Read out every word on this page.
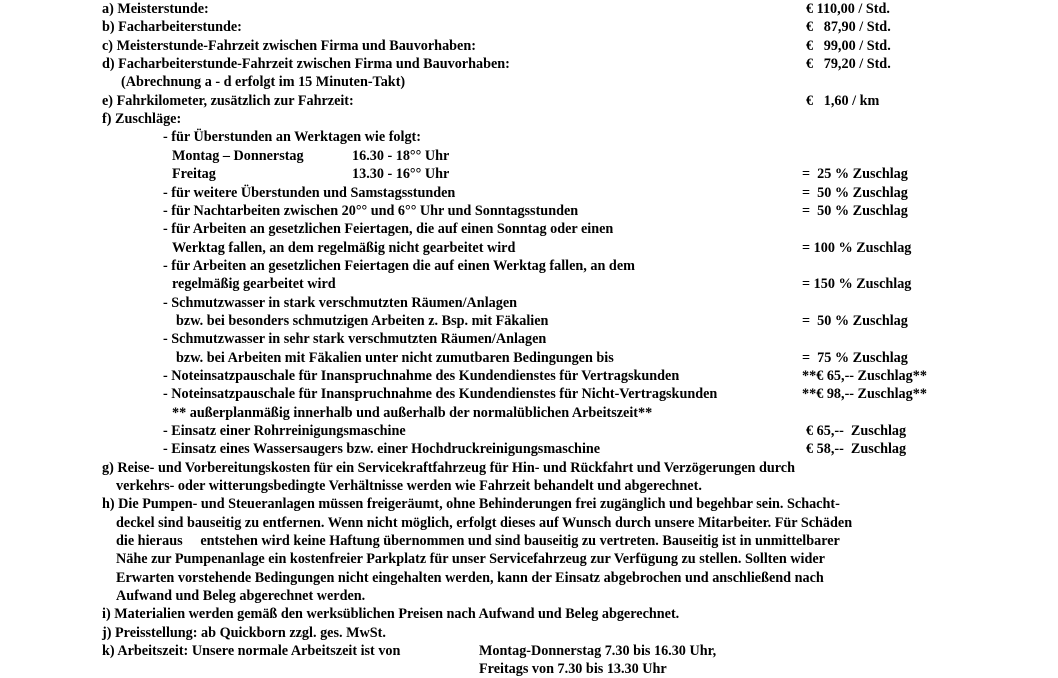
a) Meisterstunde:	€ 110,00 / Std.
b) Facharbeiterstunde:	€   87,90 / Std.
c) Meisterstunde-Fahrzeit zwischen Firma und Bauvorhaben:	€   99,00 / Std.
d) Facharbeiterstunde-Fahrzeit zwischen Firma und Bauvorhaben:	€   79,20 / Std.
(Abrechnung a - d erfolgt im 15 Minuten-Takt)
e) Fahrkilometer, zusätzlich zur Fahrzeit:	€   1,60 / km
f) Zuschläge:
- für Überstunden an Werktagen wie folgt:
Montag – Donnerstag	16.30 - 18°° Uhr
Freitag	13.30 - 16°° Uhr	=  25 % Zuschlag
- für weitere Überstunden und Samstagsstunden	=  50 % Zuschlag
- für Nachtarbeiten zwischen 20°° und 6°° Uhr und Sonntagsstunden	=  50 % Zuschlag
- für Arbeiten an gesetzlichen Feiertagen, die auf einen Sonntag oder einen
Werktag fallen, an dem regelmäßig nicht gearbeitet wird	= 100 % Zuschlag
- für Arbeiten an gesetzlichen Feiertagen die auf einen Werktag fallen, an dem
regelmäßig gearbeitet wird	= 150 % Zuschlag
- Schmutzwasser in stark verschmutzten Räumen/Anlagen
bzw. bei besonders schmutzigen Arbeiten z. Bsp. mit Fäkalien	=  50 % Zuschlag
- Schmutzwasser in sehr stark verschmutzten Räumen/Anlagen
bzw. bei Arbeiten mit Fäkalien unter nicht zumutbaren Bedingungen bis	=  75 % Zuschlag
- Noteinsatzpauschale für Inanspruchnahme des Kundendienstes für Vertragskunden	**€ 65,-- Zuschlag**
- Noteinsatzpauschale für Inanspruchnahme des Kundendienstes für Nicht-Vertragskunden	**€ 98,-- Zuschlag**
** außerplanmäßig innerhalb und außerhalb der normalüblichen Arbeitszeit**
- Einsatz einer Rohrreinigungsmaschine	€ 65,--  Zuschlag
- Einsatz eines Wassersaugers bzw. einer Hochdruckreinigungsmaschine	€ 58,--  Zuschlag
g) Reise- und Vorbereitungskosten für ein Servicekraftfahrzeug für Hin- und Rückfahrt und Verzögerungen durch
verkehrs- oder witterungsbedingte Verhältnisse werden wie Fahrzeit behandelt und abgerechnet.
h) Die Pumpen- und Steueranlagen müssen freigeräumt, ohne Behinderungen frei zugänglich und begehbar sein. Schacht-
deckel sind bauseitig zu entfernen. Wenn nicht möglich, erfolgt dieses auf Wunsch durch unsere Mitarbeiter. Für Schäden
die hieraus     entstehen wird keine Haftung übernommen und sind bauseitig zu vertreten. Bauseitig ist in unmittelbarer
Nähe zur Pumpenanlage ein kostenfreier Parkplatz für unser Servicefahrzeug zur Verfügung zu stellen. Sollten wider
Erwarten vorstehende Bedingungen nicht eingehalten werden, kann der Einsatz abgebrochen und anschließend nach
Aufwand und Beleg abgerechnet werden.
i) Materialien werden gemäß den werksüblichen Preisen nach Aufwand und Beleg abgerechnet.
j) Preisstellung: ab Quickborn zzgl. ges. MwSt.
k) Arbeitszeit: Unsere normale Arbeitszeit ist von	Montag-Donnerstag 7.30 bis 16.30 Uhr,
Freitags von 7.30 bis 13.30 Uhr
